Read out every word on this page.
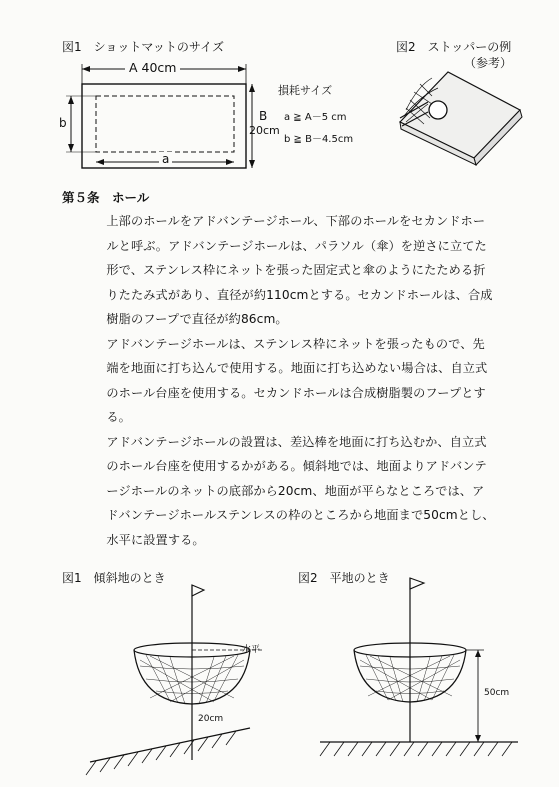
図1　ショットマットのサイズ	図2　ストッパーの例
（参考）
A 40cm
B
20cm
b
a
損耗サイズ
a ≧ A－5 cm
b ≧ B－4.5cm
第５条　ホール
上部のホールをアドバンテージホール、下部のホールをセカンドホールと呼ぶ。アドバンテージホールは、パラソル（傘）を逆さに立てた形で、ステンレス枠にネットを張った固定式と傘のようにたためる折りたたみ式があり、直径が約110cmとする。セカンドホールは、合成樹脂のフープで直径が約86cm。
アドバンテージホールは、ステンレス枠にネットを張ったもので、先端を地面に打ち込んで使用する。地面に打ち込めない場合は、自立式のホール台座を使用する。セカンドホールは合成樹脂製のフープとする。
アドバンテージホールの設置は、差込棒を地面に打ち込むか、自立式のホール台座を使用するかがある。傾斜地では、地面よりアドバンテージホールのネットの底部から20cm、地面が平らなところでは、アドバンテージホールステンレスの枠のところから地面まで50cmとし、水平に設置する。
図1　傾斜地のとき	図2　平地のとき
水平
20cm
50cm
